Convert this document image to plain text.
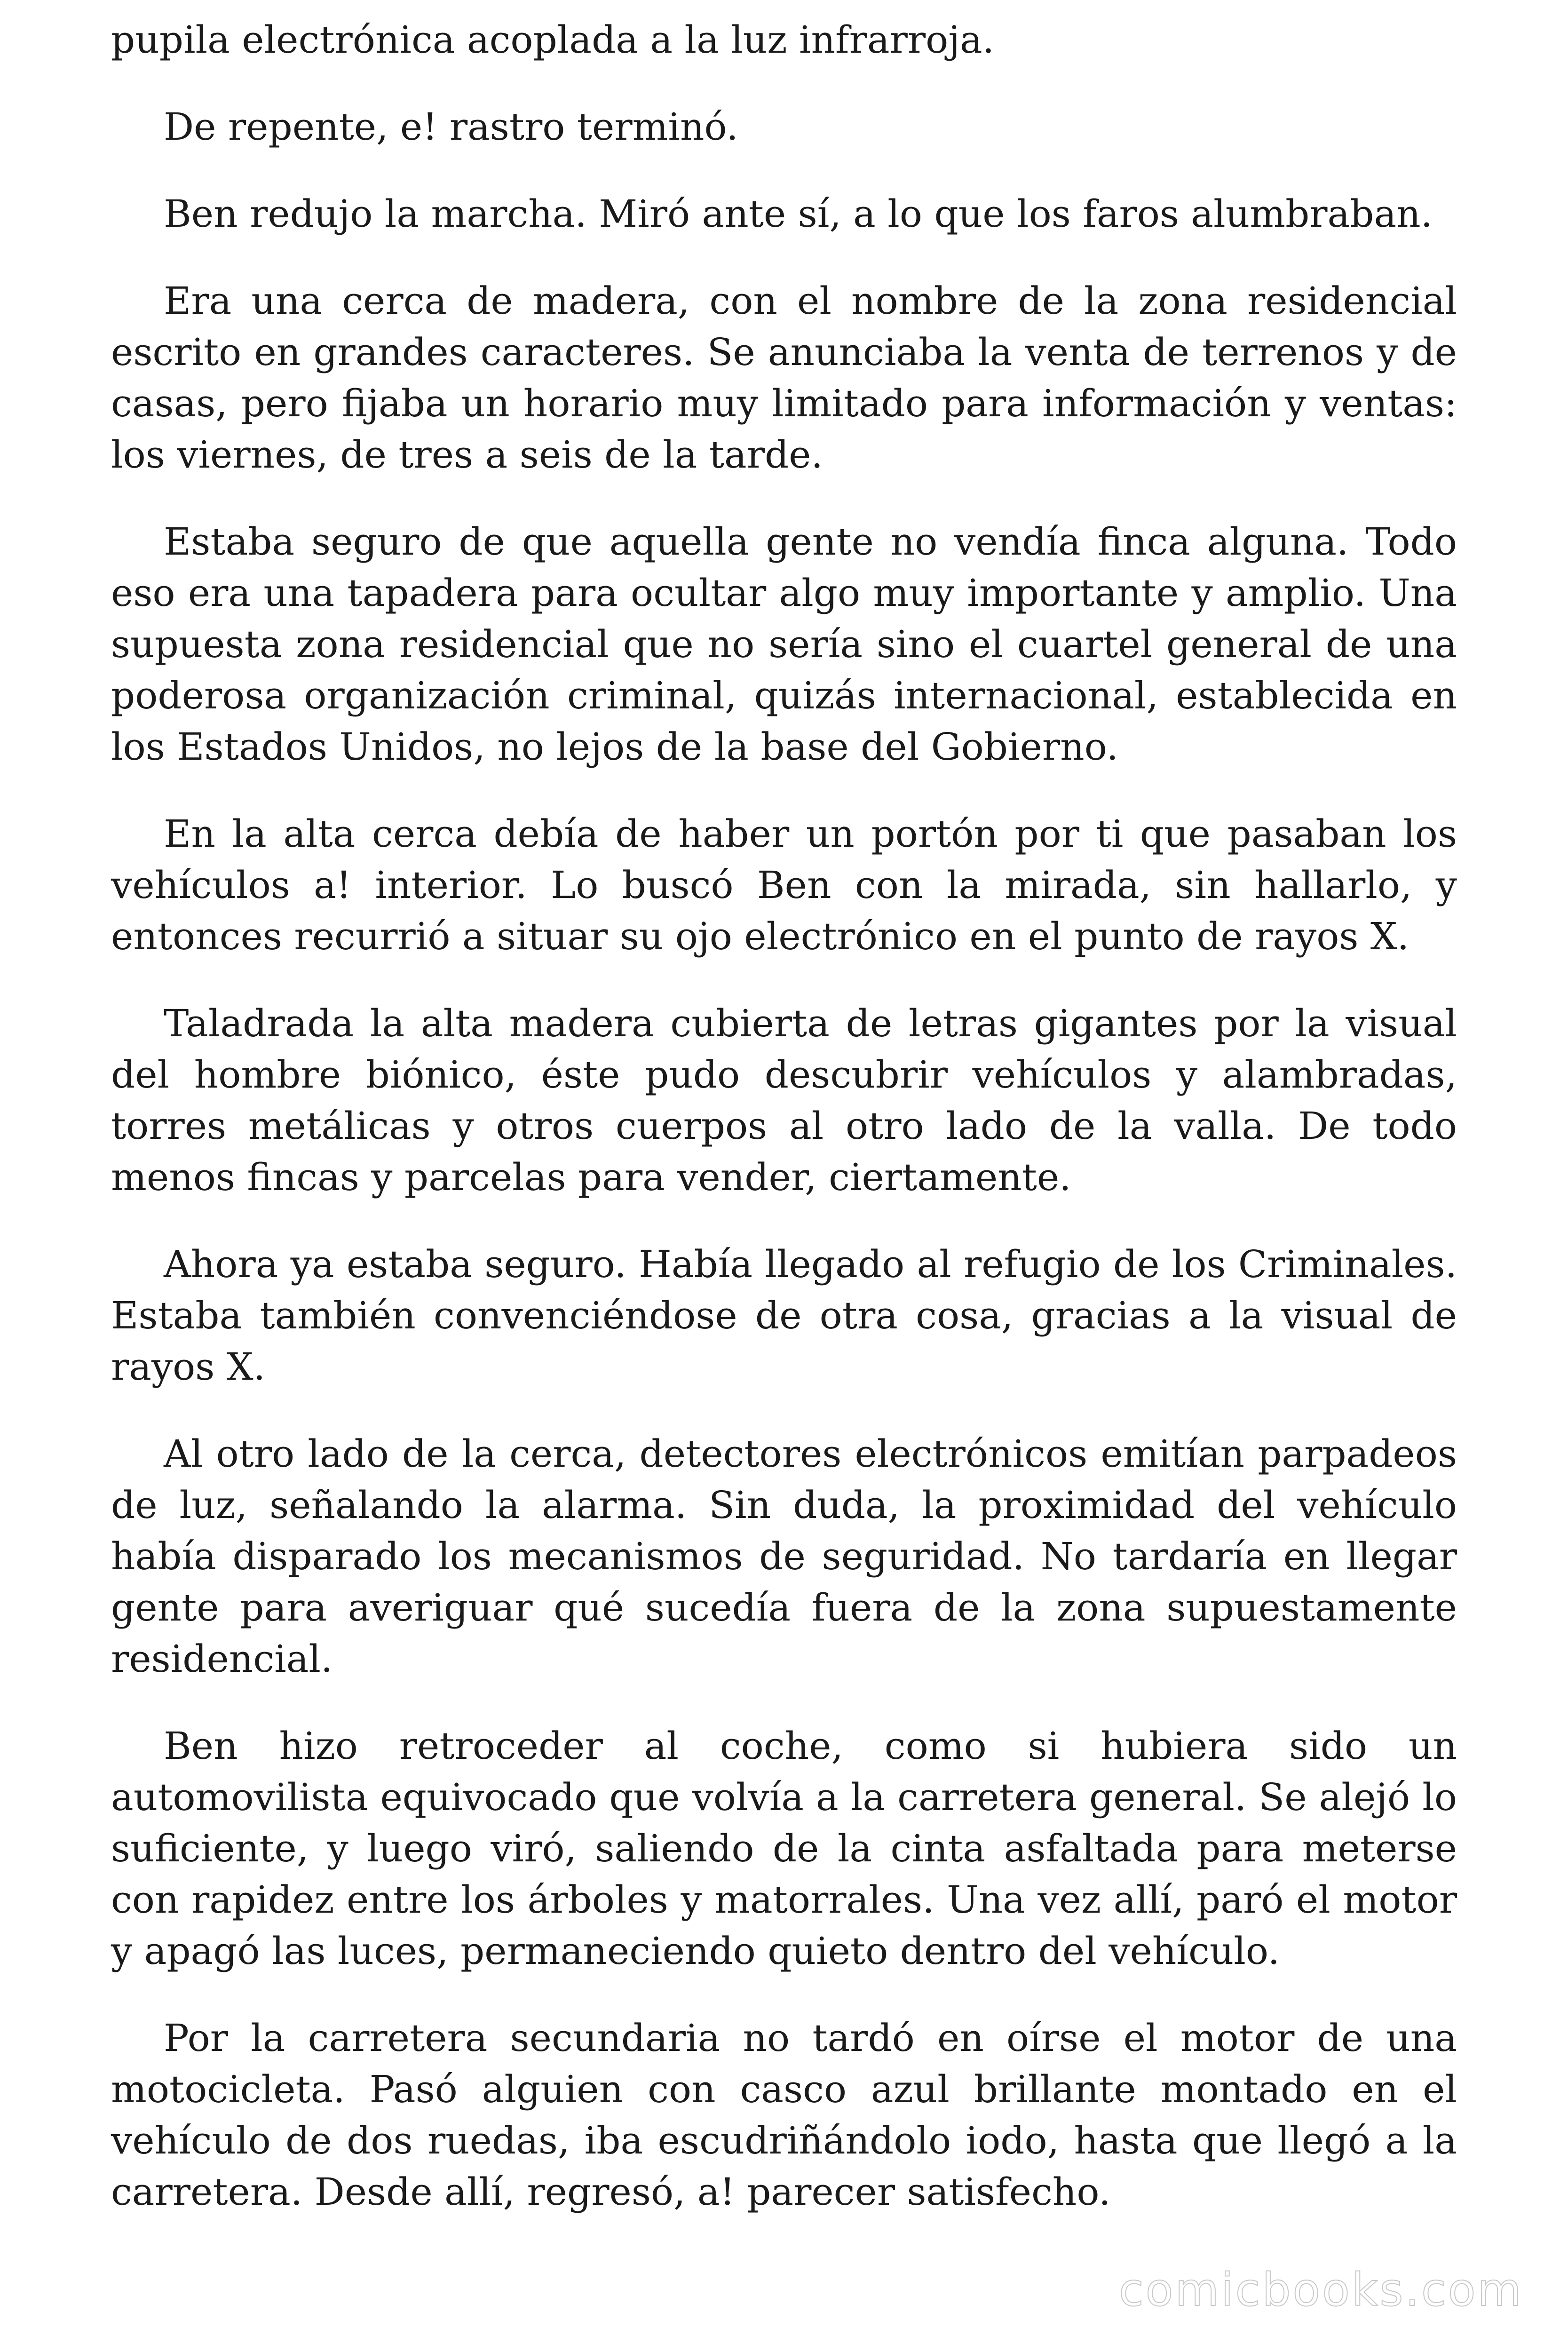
pupila electrónica acoplada a la luz infrarroja.

De repente, e! rastro terminó.

Ben redujo la marcha. Miró ante sí, a lo que los faros alumbraban.

Era una cerca de madera, con el nombre de la zona residencial escrito en grandes caracteres. Se anunciaba la venta de terrenos y de casas, pero fijaba un horario muy limitado para información y ventas: los viernes, de tres a seis de la tarde.

Estaba seguro de que aquella gente no vendía finca alguna. Todo eso era una tapadera para ocultar algo muy importante y amplio. Una supuesta zona residencial que no sería sino el cuartel general de una poderosa organización criminal, quizás internacional, establecida en los Estados Unidos, no lejos de la base del Gobierno.

En la alta cerca debía de haber un portón por ti que pasaban los vehículos a! interior. Lo buscó Ben con la mirada, sin hallarlo, y entonces recurrió a situar su ojo electrónico en el punto de rayos X.

Taladrada la alta madera cubierta de letras gigantes por la visual del hombre biónico, éste pudo descubrir vehículos y alambradas, torres metálicas y otros cuerpos al otro lado de la valla. De todo menos fincas y parcelas para vender, ciertamente.

Ahora ya estaba seguro. Había llegado al refugio de los Criminales. Estaba también convenciéndose de otra cosa, gracias a la visual de rayos X.

Al otro lado de la cerca, detectores electrónicos emitían parpadeos de luz, señalando la alarma. Sin duda, la proximidad del vehículo había disparado los mecanismos de seguridad. No tardaría en llegar gente para averiguar qué sucedía fuera de la zona supuestamente residencial.

Ben hizo retroceder al coche, como si hubiera sido un automovilista equivocado que volvía a la carretera general. Se alejó lo suficiente, y luego viró, saliendo de la cinta asfaltada para meterse con rapidez entre los árboles y matorrales. Una vez allí, paró el motor y apagó las luces, permaneciendo quieto dentro del vehículo.

Por la carretera secundaria no tardó en oírse el motor de una motocicleta. Pasó alguien con casco azul brillante montado en el vehículo de dos ruedas, iba escudriñándolo iodo, hasta que llegó a la carretera. Desde allí, regresó, a! parecer satisfecho.

comicbooks.com
